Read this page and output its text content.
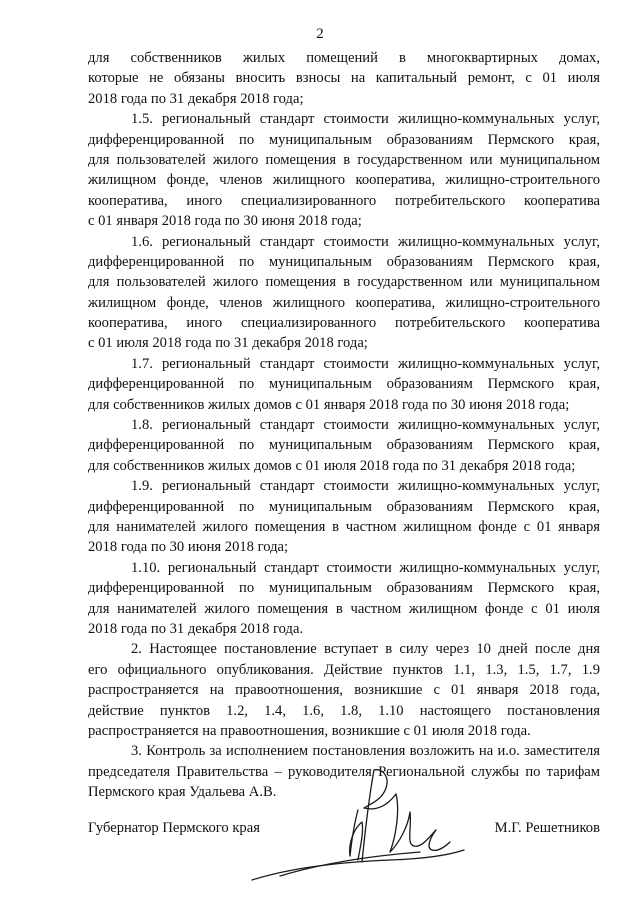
2
для собственников жилых помещений в многоквартирных домах,
которые не обязаны вносить взносы на капитальный ремонт, с 01 июля
2018 года по 31 декабря 2018 года;
1.5. региональный стандарт стоимости жилищно-коммунальных услуг,
дифференцированной по муниципальным образованиям Пермского края,
для пользователей жилого помещения в государственном или муниципальном
жилищном фонде, членов жилищного кооператива, жилищно-строительного
кооператива, иного специализированного потребительского кооператива
с 01 января 2018 года по 30 июня 2018 года;
1.6. региональный стандарт стоимости жилищно-коммунальных услуг,
дифференцированной по муниципальным образованиям Пермского края,
для пользователей жилого помещения в государственном или муниципальном
жилищном фонде, членов жилищного кооператива, жилищно-строительного
кооператива, иного специализированного потребительского кооператива
с 01 июля 2018 года по 31 декабря 2018 года;
1.7. региональный стандарт стоимости жилищно-коммунальных услуг,
дифференцированной по муниципальным образованиям Пермского края,
для собственников жилых домов с 01 января 2018 года по 30 июня 2018 года;
1.8. региональный стандарт стоимости жилищно-коммунальных услуг,
дифференцированной по муниципальным образованиям Пермского края,
для собственников жилых домов с 01 июля 2018 года по 31 декабря 2018 года;
1.9. региональный стандарт стоимости жилищно-коммунальных услуг,
дифференцированной по муниципальным образованиям Пермского края,
для нанимателей жилого помещения в частном жилищном фонде с 01 января
2018 года по 30 июня 2018 года;
1.10. региональный стандарт стоимости жилищно-коммунальных услуг,
дифференцированной по муниципальным образованиям Пермского края,
для нанимателей жилого помещения в частном жилищном фонде с 01 июля
2018 года по 31 декабря 2018 года.
2. Настоящее постановление вступает в силу через 10 дней после дня
его официального опубликования. Действие пунктов 1.1, 1.3, 1.5, 1.7, 1.9
распространяется на правоотношения, возникшие с 01 января 2018 года,
действие пунктов 1.2, 1.4, 1.6, 1.8, 1.10 настоящего постановления
распространяется на правоотношения, возникшие с 01 июля 2018 года.
3. Контроль за исполнением постановления возложить на и.о. заместителя
председателя Правительства – руководителя Региональной службы по тарифам
Пермского края Удальева А.В.
Губернатор Пермского края	М.Г. Решетников
